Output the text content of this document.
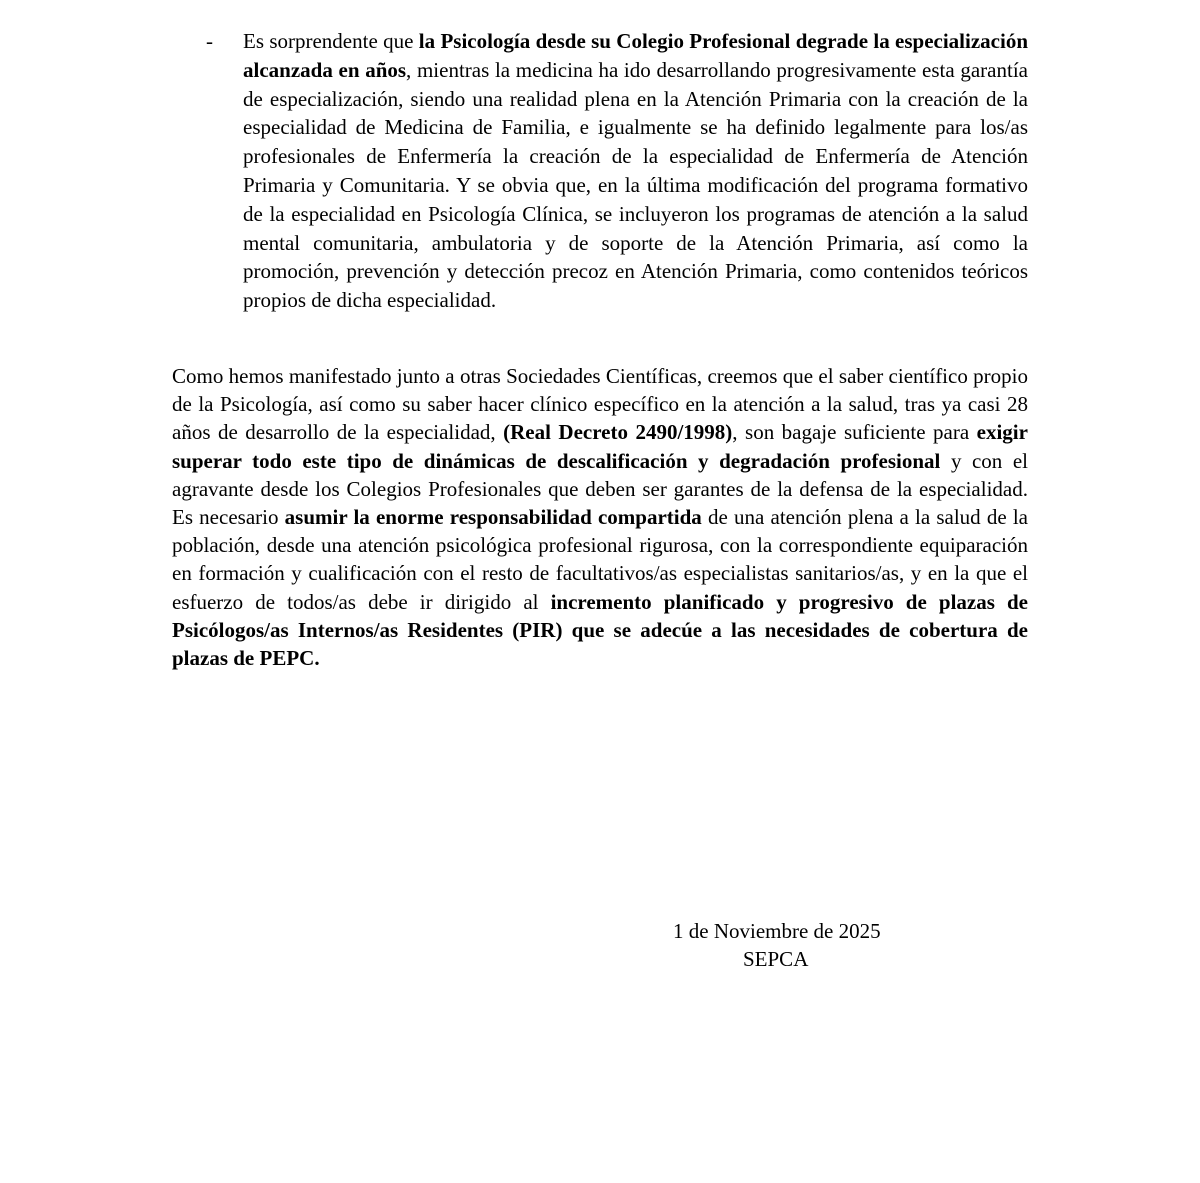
- Es sorprendente que la Psicología desde su Colegio Profesional degrade la especialización alcanzada en años, mientras la medicina ha ido desarrollando progresivamente esta garantía de especialización, siendo una realidad plena en la Atención Primaria con la creación de la especialidad de Medicina de Familia, e igualmente se ha definido legalmente para los/as profesionales de Enfermería la creación de la especialidad de Enfermería de Atención Primaria y Comunitaria. Y se obvia que, en la última modificación del programa formativo de la especialidad en Psicología Clínica, se incluyeron los programas de atención a la salud mental comunitaria, ambulatoria y de soporte de la Atención Primaria, así como la promoción, prevención y detección precoz en Atención Primaria, como contenidos teóricos propios de dicha especialidad.
Como hemos manifestado junto a otras Sociedades Científicas, creemos que el saber científico propio de la Psicología, así como su saber hacer clínico específico en la atención a la salud, tras ya casi 28 años de desarrollo de la especialidad, (Real Decreto 2490/1998), son bagaje suficiente para exigir superar todo este tipo de dinámicas de descalificación y degradación profesional y con el agravante desde los Colegios Profesionales que deben ser garantes de la defensa de la especialidad. Es necesario asumir la enorme responsabilidad compartida de una atención plena a la salud de la población, desde una atención psicológica profesional rigurosa, con la correspondiente equiparación en formación y cualificación con el resto de facultativos/as especialistas sanitarios/as, y en la que el esfuerzo de todos/as debe ir dirigido al incremento planificado y progresivo de plazas de Psicólogos/as Internos/as Residentes (PIR) que se adecúe a las necesidades de cobertura de plazas de PEPC.
1 de Noviembre de 2025
SEPCA
